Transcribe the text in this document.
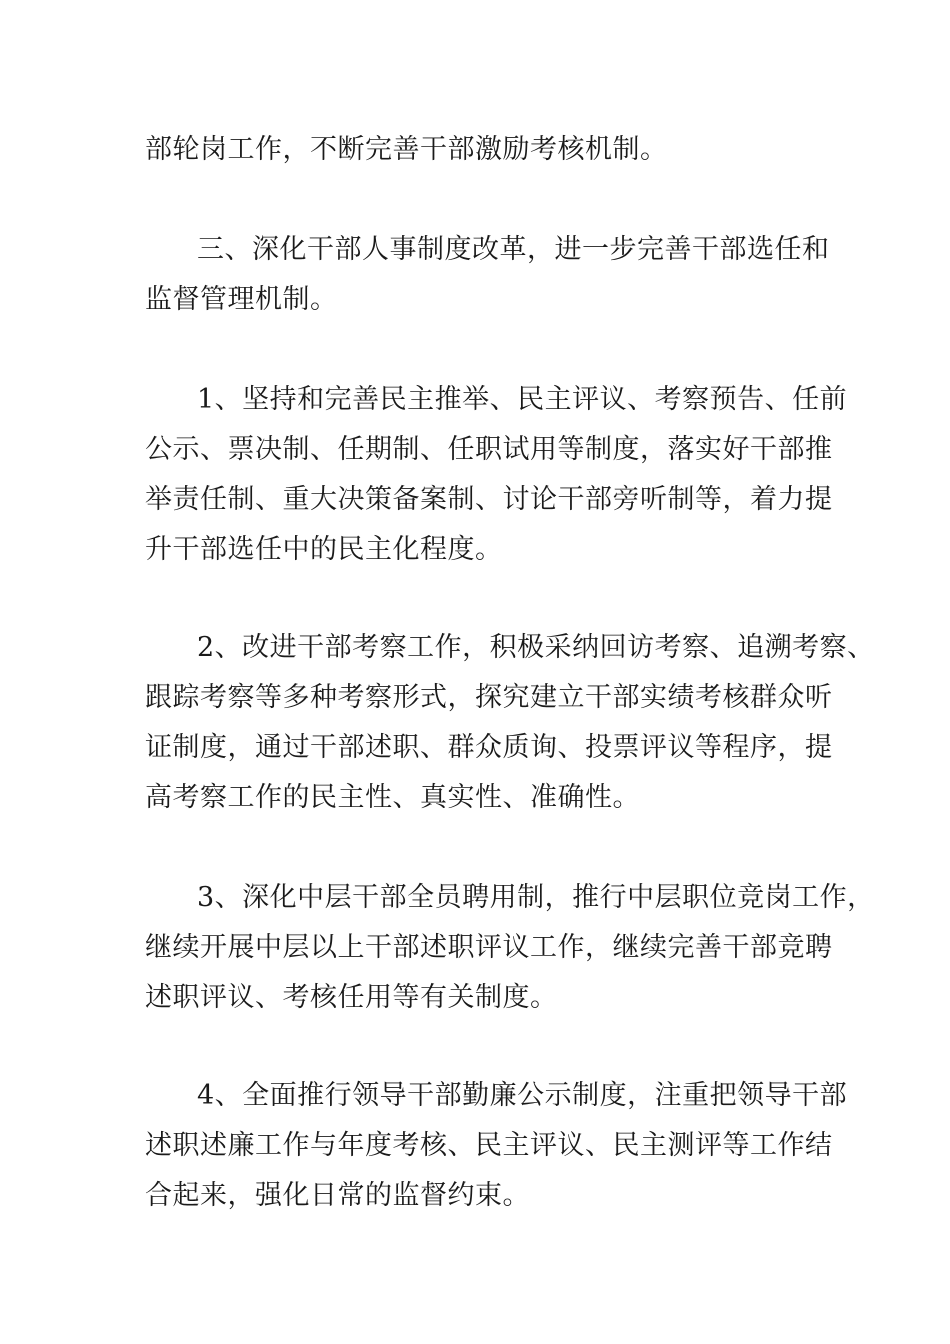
部轮岗工作，不断完善干部激励考核机制。
三、深化干部人事制度改革，进一步完善干部选任和
监督管理机制。
1、坚持和完善民主推举、民主评议、考察预告、任前
公示、票决制、任期制、任职试用等制度，落实好干部推
举责任制、重大决策备案制、讨论干部旁听制等，着力提
升干部选任中的民主化程度。
2、改进干部考察工作，积极采纳回访考察、追溯考察、
跟踪考察等多种考察形式，探究建立干部实绩考核群众听
证制度，通过干部述职、群众质询、投票评议等程序，提
高考察工作的民主性、真实性、准确性。
3、深化中层干部全员聘用制，推行中层职位竞岗工作，
继续开展中层以上干部述职评议工作，继续完善干部竞聘
述职评议、考核任用等有关制度。
4、全面推行领导干部勤廉公示制度，注重把领导干部
述职述廉工作与年度考核、民主评议、民主测评等工作结
合起来，强化日常的监督约束。
